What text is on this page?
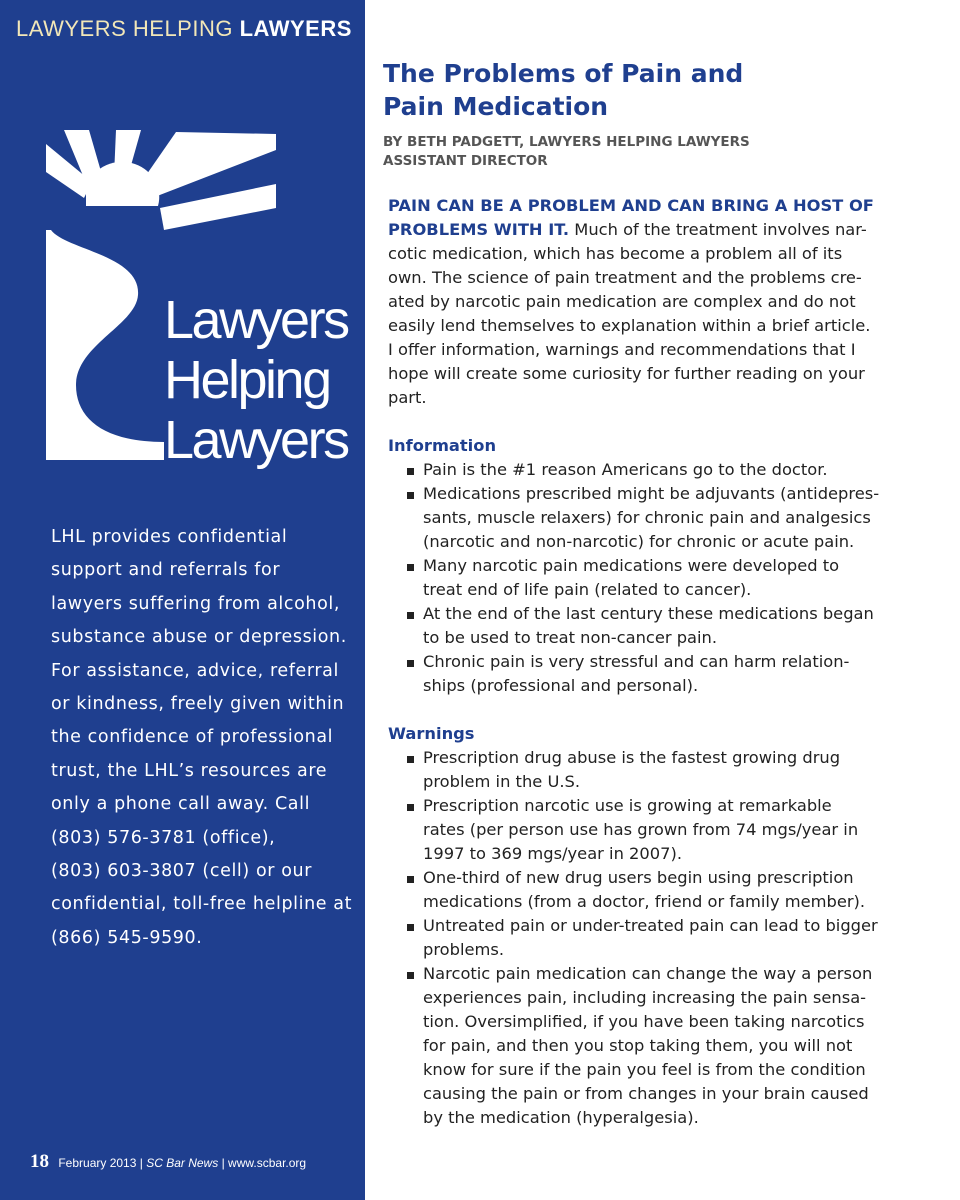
LAWYERS HELPING LAWYERS
Lawyers
Helping
Lawyers
LHL provides confidential
support and referrals for
lawyers suffering from alcohol,
substance abuse or depression.
For assistance, advice, referral
or kindness, freely given within
the confidence of professional
trust, the LHL’s resources are
only a phone call away. Call
(803) 576-3781 (office),
(803) 603-3807 (cell) or our
confidential, toll-free helpline at
(866) 545-9590.
18 February 2013 | SC Bar News | www.scbar.org
The Problems of Pain and
Pain Medication
BY BETH PADGETT, LAWYERS HELPING LAWYERS
ASSISTANT DIRECTOR
PAIN CAN BE A PROBLEM AND CAN BRING A HOST OF
PROBLEMS WITH IT. Much of the treatment involves nar-
cotic medication, which has become a problem all of its
own. The science of pain treatment and the problems cre-
ated by narcotic pain medication are complex and do not
easily lend themselves to explanation within a brief article.
I offer information, warnings and recommendations that I
hope will create some curiosity for further reading on your
part.
Information
Pain is the #1 reason Americans go to the doctor.
Medications prescribed might be adjuvants (antidepres-
sants, muscle relaxers) for chronic pain and analgesics
(narcotic and non-narcotic) for chronic or acute pain.
Many narcotic pain medications were developed to
treat end of life pain (related to cancer).
At the end of the last century these medications began
to be used to treat non-cancer pain.
Chronic pain is very stressful and can harm relation-
ships (professional and personal).
Warnings
Prescription drug abuse is the fastest growing drug
problem in the U.S.
Prescription narcotic use is growing at remarkable
rates (per person use has grown from 74 mgs/year in
1997 to 369 mgs/year in 2007).
One-third of new drug users begin using prescription
medications (from a doctor, friend or family member).
Untreated pain or under-treated pain can lead to bigger
problems.
Narcotic pain medication can change the way a person
experiences pain, including increasing the pain sensa-
tion. Oversimplified, if you have been taking narcotics
for pain, and then you stop taking them, you will not
know for sure if the pain you feel is from the condition
causing the pain or from changes in your brain caused
by the medication (hyperalgesia).
